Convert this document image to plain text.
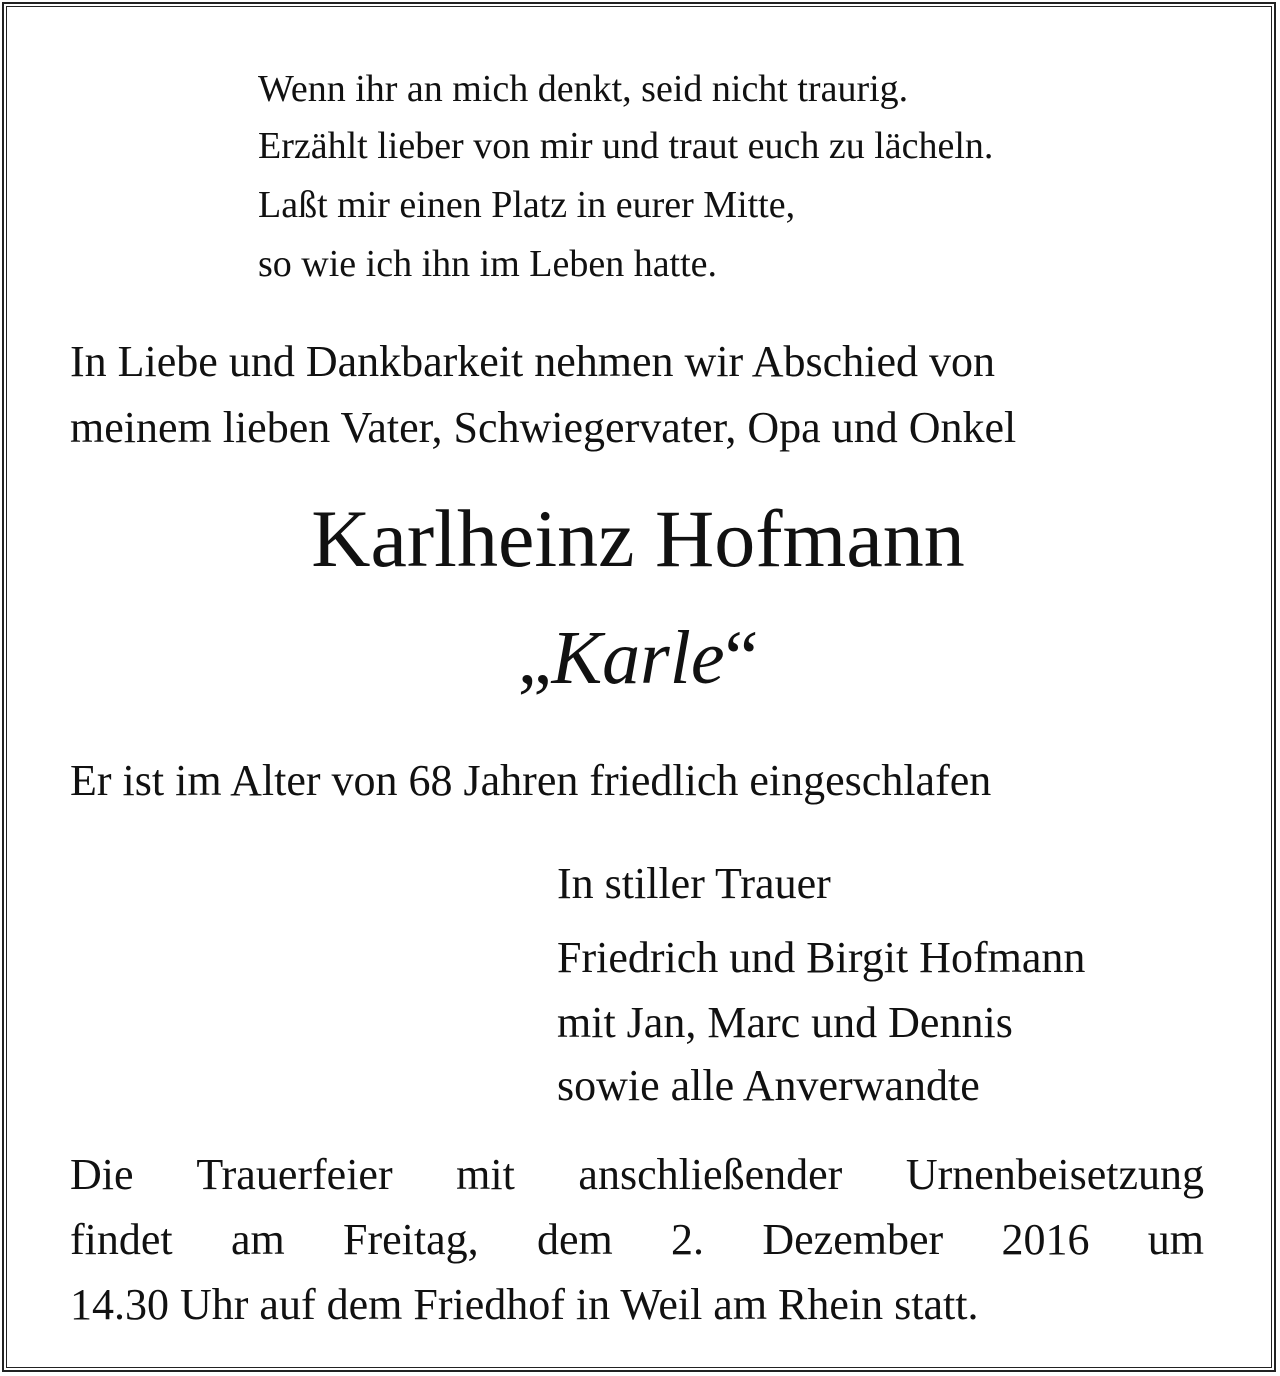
Wenn ihr an mich denkt, seid nicht traurig.
Erzählt lieber von mir und traut euch zu lächeln.
Laßt mir einen Platz in eurer Mitte,
so wie ich ihn im Leben hatte.
In Liebe und Dankbarkeit nehmen wir Abschied von
meinem lieben Vater, Schwiegervater, Opa und Onkel
Karlheinz Hofmann
„Karle“
Er ist im Alter von 68 Jahren friedlich eingeschlafen
In stiller Trauer
Friedrich und Birgit Hofmann
mit Jan, Marc und Dennis
sowie alle Anverwandte
Die Trauerfeier mit anschließender Urnenbeisetzung
findet am Freitag, dem 2. Dezember 2016 um
14.30 Uhr auf dem Friedhof in Weil am Rhein statt.
